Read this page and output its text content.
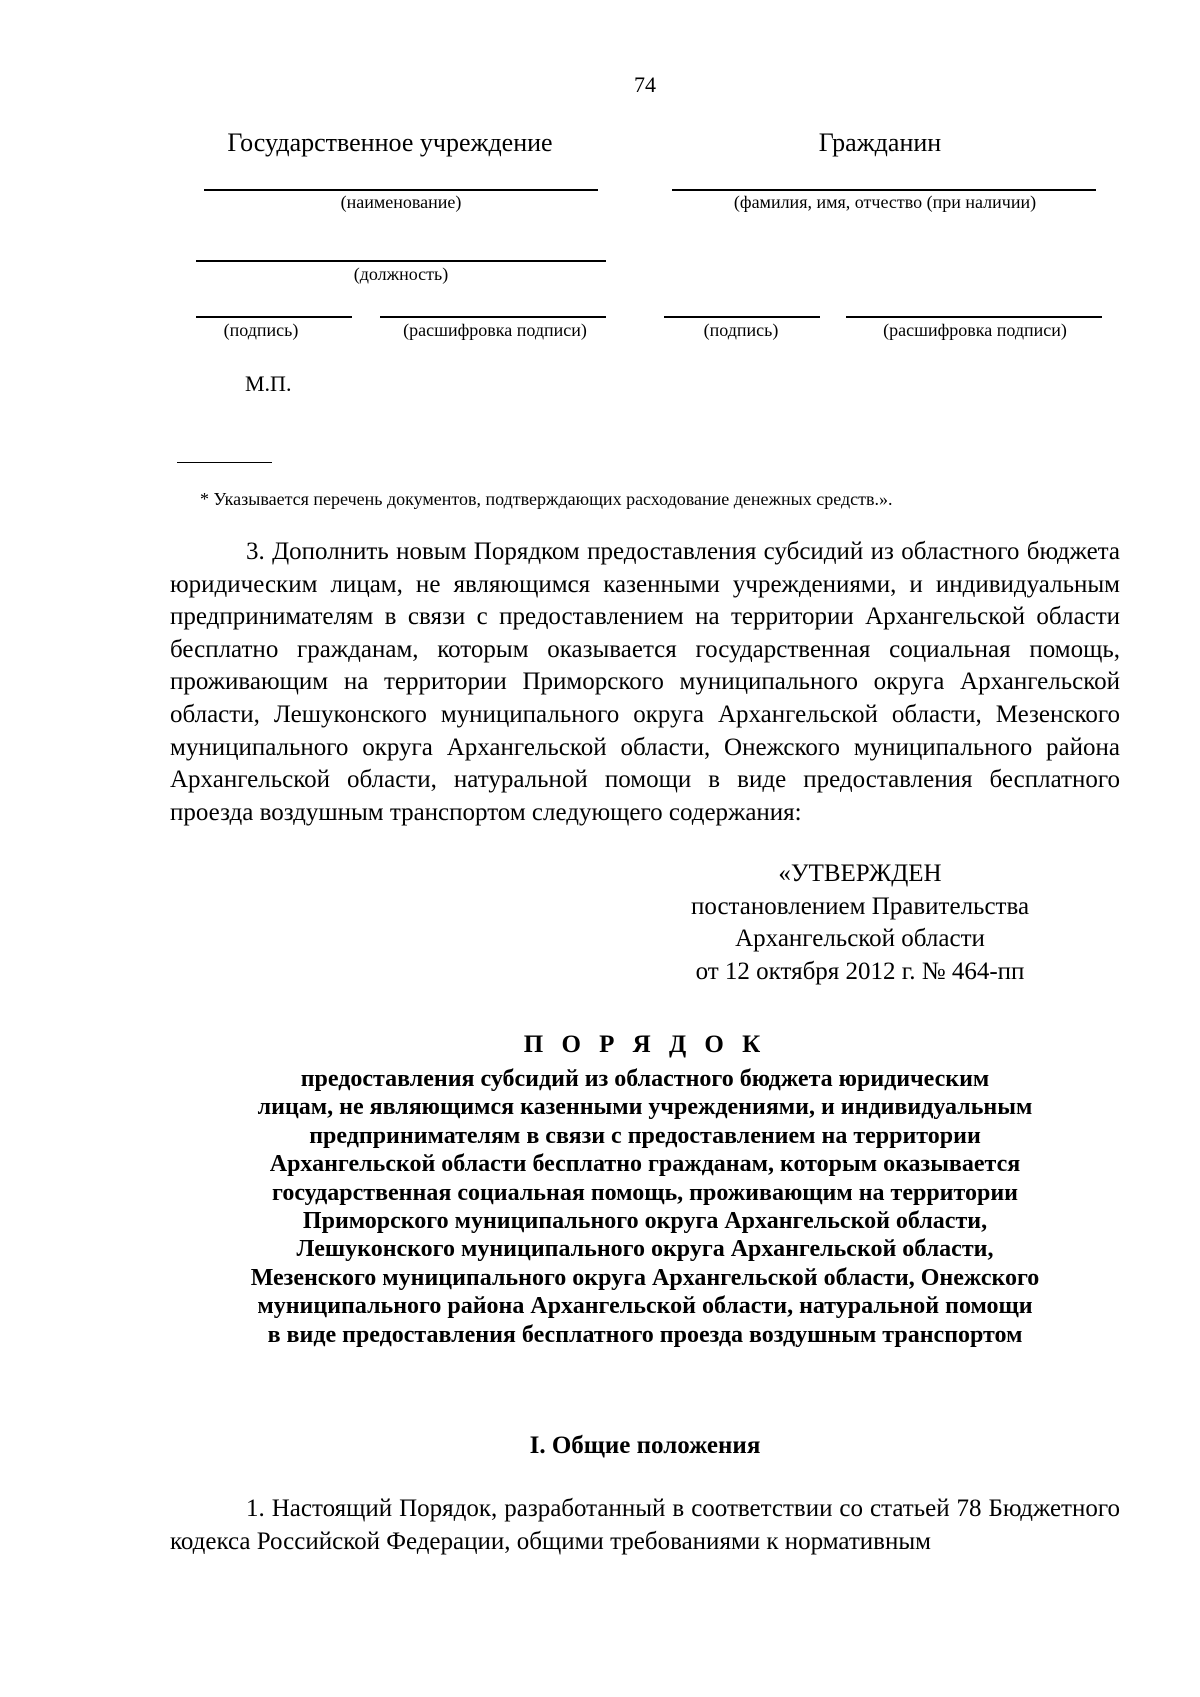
74
Государственное учреждение	Гражданин
(наименование)	(фамилия, имя, отчество (при наличии)
(должность)
(подпись)	(расшифровка подписи)	(подпись)	(расшифровка подписи)
М.П.
* Указывается перечень документов, подтверждающих расходование денежных средств.».
3. Дополнить новым Порядком предоставления субсидий из областного бюджета юридическим лицам, не являющимся казенными учреждениями, и индивидуальным предпринимателям в связи с предоставлением на территории Архангельской области бесплатно гражданам, которым оказывается государственная социальная помощь, проживающим на территории Приморского муниципального округа Архангельской области, Лешуконского муниципального округа Архангельской области, Мезенского муниципального округа Архангельской области, Онежского муниципального района Архангельской области, натуральной помощи в виде предоставления бесплатного проезда воздушным транспортом следующего содержания:
«УТВЕРЖДЕН
постановлением Правительства
Архангельской области
от 12 октября 2012 г. № 464-пп
П О Р Я Д О К
предоставления субсидий из областного бюджета юридическим
лицам, не являющимся казенными учреждениями, и индивидуальным
предпринимателям в связи с предоставлением на территории
Архангельской области бесплатно гражданам, которым оказывается
государственная социальная помощь, проживающим на территории
Приморского муниципального округа Архангельской области,
Лешуконского муниципального округа Архангельской области,
Мезенского муниципального округа Архангельской области, Онежского
муниципального района Архангельской области, натуральной помощи
в виде предоставления бесплатного проезда воздушным транспортом
I. Общие положения
1. Настоящий Порядок, разработанный в соответствии со статьей 78 Бюджетного кодекса Российской Федерации, общими требованиями к нормативным
